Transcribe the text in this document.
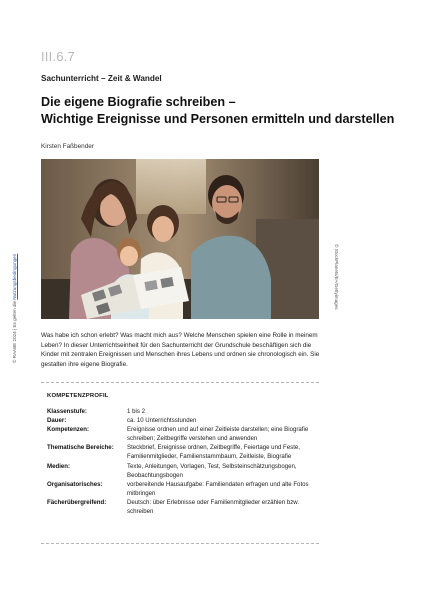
III.6.7
Sachunterricht – Zeit & Wandel
Die eigene Biografie schreiben –
Wichtige Ereignisse und Personen ermitteln und darstellen
Kirsten Faßbender
© RAABE 2024 | Es gelten die Nutzungsbedingungen	© StockPlanets/E+/Gettyimages
Was habe ich schon erlebt? Was macht mich aus? Welche Menschen spielen eine Rolle in meinem Leben? In dieser Unterrichtseinheit für den Sachunterricht der Grundschule beschäftigen sich die Kinder mit zentralen Ereignissen und Menschen ihres Lebens und ordnen sie chronologisch ein. Sie gestalten ihre eigene Biografie.
KOMPETENZPROFIL
Klassenstufe:	1 bis 2
Dauer:	ca. 10 Unterrichtsstunden
Kompetenzen:	Ereignisse ordnen und auf einer Zeitleiste darstellen; eine Biografie schreiben; Zeitbegriffe verstehen und anwenden
Thematische Bereiche:	Steckbrief, Ereignisse ordnen, Zeitbegriffe, Feiertage und Feste, Familienmitglieder, Familienstammbaum, Zeitleiste, Biografie
Medien:	Texte, Anleitungen, Vorlagen, Test, Selbsteinschätzungsbogen, Beobachtungsbogen
Organisatorisches:	vorbereitende Hausaufgabe: Familiendaten erfragen und alte Fotos mitbringen
Fächerübergreifend:	Deutsch: über Erlebnisse oder Familienmitglieder erzählen bzw. schreiben
